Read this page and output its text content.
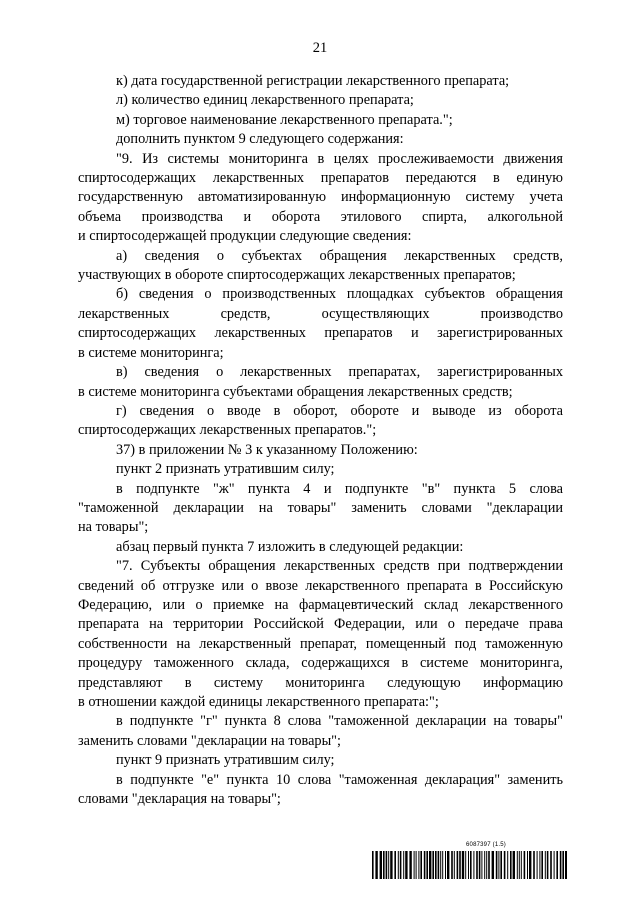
21
к) дата государственной регистрации лекарственного препарата;
л) количество единиц лекарственного препарата;
м) торговое наименование лекарственного препарата.";
дополнить пунктом 9 следующего содержания:
"9. Из системы мониторинга в целях прослеживаемости движения
спиртосодержащих лекарственных препаратов передаются в единую
государственную автоматизированную информационную систему учета
объема производства и оборота этилового спирта, алкогольной
и спиртосодержащей продукции следующие сведения:
а) сведения о субъектах обращения лекарственных средств,
участвующих в обороте спиртосодержащих лекарственных препаратов;
б) сведения о производственных площадках субъектов обращения
лекарственных средств, осуществляющих производство
спиртосодержащих лекарственных препаратов и зарегистрированных
в системе мониторинга;
в) сведения о лекарственных препаратах, зарегистрированных
в системе мониторинга субъектами обращения лекарственных средств;
г) сведения о вводе в оборот, обороте и выводе из оборота
спиртосодержащих лекарственных препаратов.";
37) в приложении № 3 к указанному Положению:
пункт 2 признать утратившим силу;
в подпункте "ж" пункта 4 и подпункте "в" пункта 5 слова
"таможенной декларации на товары" заменить словами "декларации
на товары";
абзац первый пункта 7 изложить в следующей редакции:
"7. Субъекты обращения лекарственных средств при подтверждении
сведений об отгрузке или о ввозе лекарственного препарата в Российскую
Федерацию, или о приемке на фармацевтический склад лекарственного
препарата на территории Российской Федерации, или о передаче права
собственности на лекарственный препарат, помещенный под таможенную
процедуру таможенного склада, содержащихся в системе мониторинга,
представляют в систему мониторинга следующую информацию
в отношении каждой единицы лекарственного препарата:";
в подпункте "г" пункта 8 слова "таможенной декларации на товары"
заменить словами "декларации на товары";
пункт 9 признать утратившим силу;
в подпункте "е" пункта 10 слова "таможенная декларация" заменить
словами "декларация на товары";
6087397 (1.5)
